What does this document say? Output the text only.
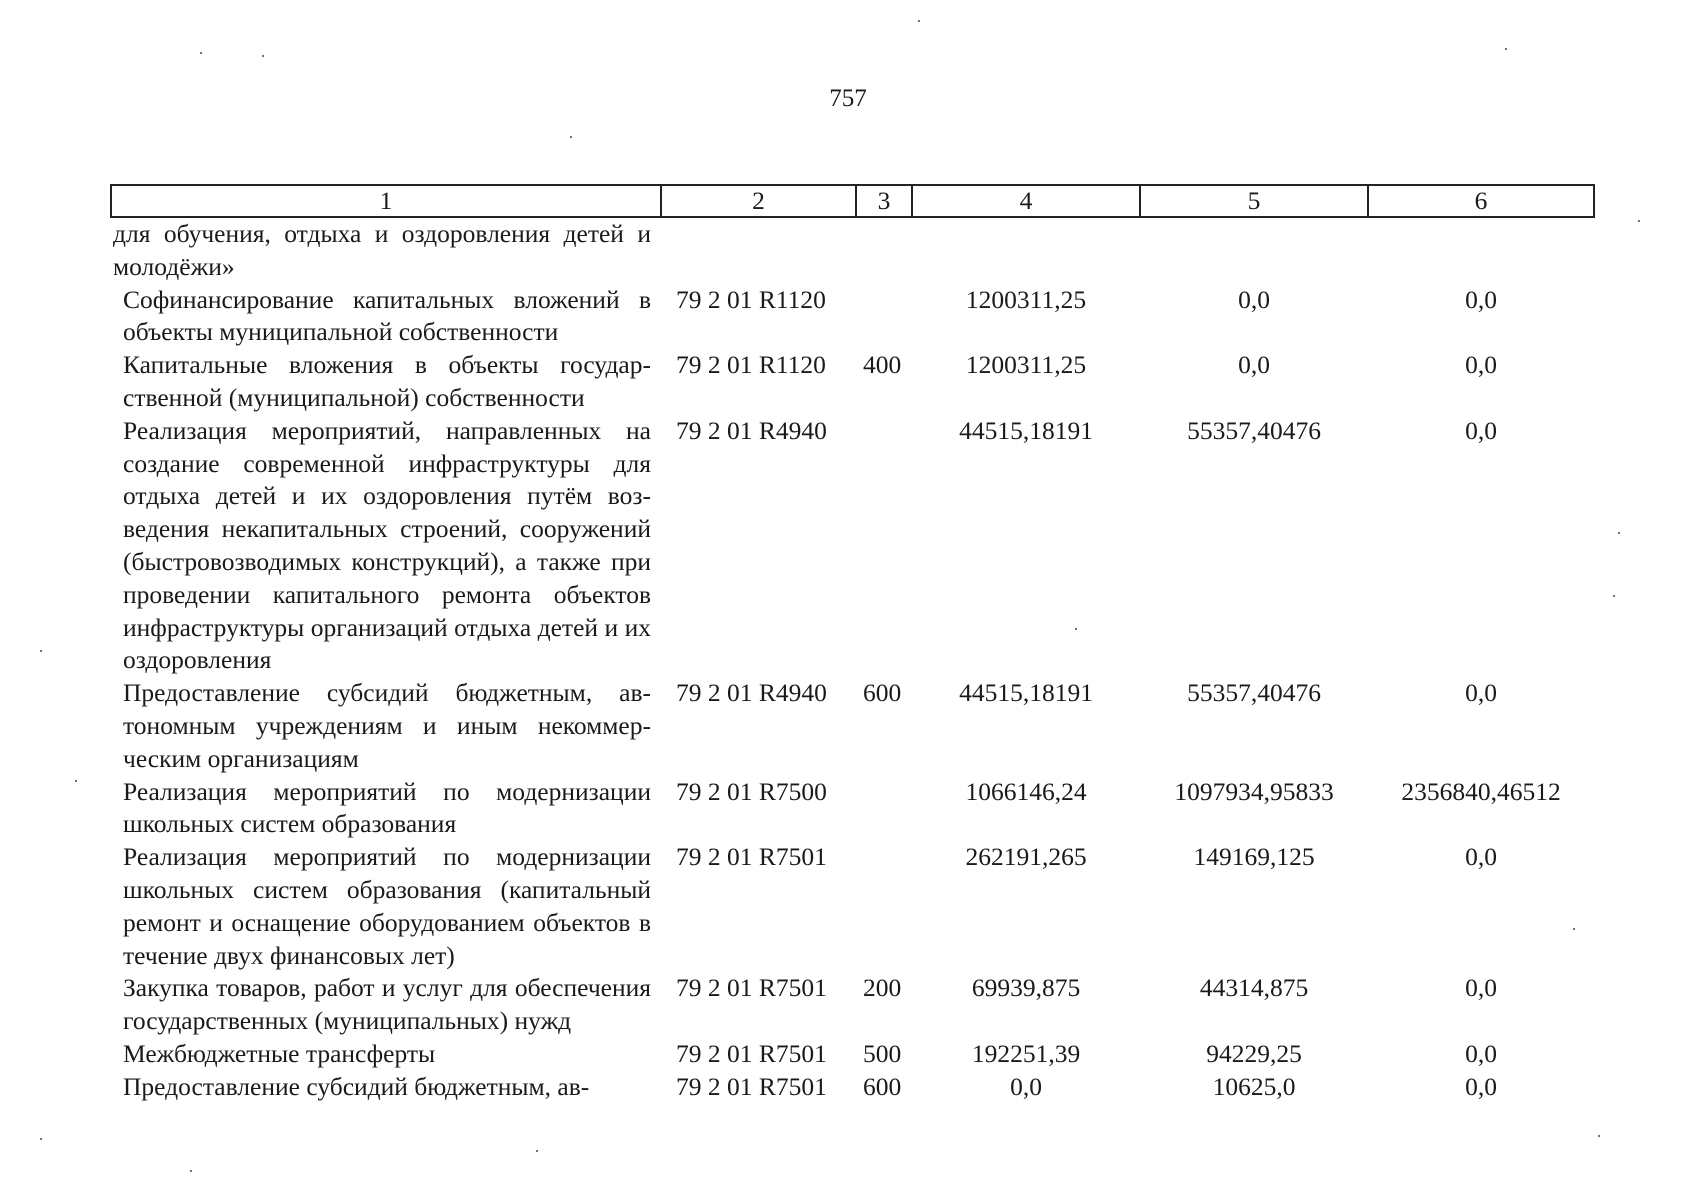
757
1	2	3	4	5	6
для обучения, отдыха и оздоровления детей и молодёжи»					
Софинансирование капитальных вложений в объекты муниципальной собственности	79 2 01 R1120		1200311,25	0,0	0,0
Капитальные вложения в объекты государственной (муниципальной) собственности	79 2 01 R1120	400	1200311,25	0,0	0,0
Реализация мероприятий, направленных на создание современной инфраструктуры для отдыха детей и их оздоровления путём возведения некапитальных строений, сооружений (быстровозводимых конструкций), а также при проведении капитального ремонта объектов инфраструктуры организаций отдыха детей и их оздоровления	79 2 01 R4940		44515,18191	55357,40476	0,0
Предоставление субсидий бюджетным, автономным учреждениям и иным некоммерческим организациям	79 2 01 R4940	600	44515,18191	55357,40476	0,0
Реализация мероприятий по модернизации школьных систем образования	79 2 01 R7500		1066146,24	1097934,95833	2356840,46512
Реализация мероприятий по модернизации школьных систем образования (капитальный ремонт и оснащение оборудованием объектов в течение двух финансовых лет)	79 2 01 R7501		262191,265	149169,125	0,0
Закупка товаров, работ и услуг для обеспечения государственных (муниципальных) нужд	79 2 01 R7501	200	69939,875	44314,875	0,0
Межбюджетные трансферты	79 2 01 R7501	500	192251,39	94229,25	0,0
Предоставление субсидий бюджетным, ав-	79 2 01 R7501	600	0,0	10625,0	0,0
